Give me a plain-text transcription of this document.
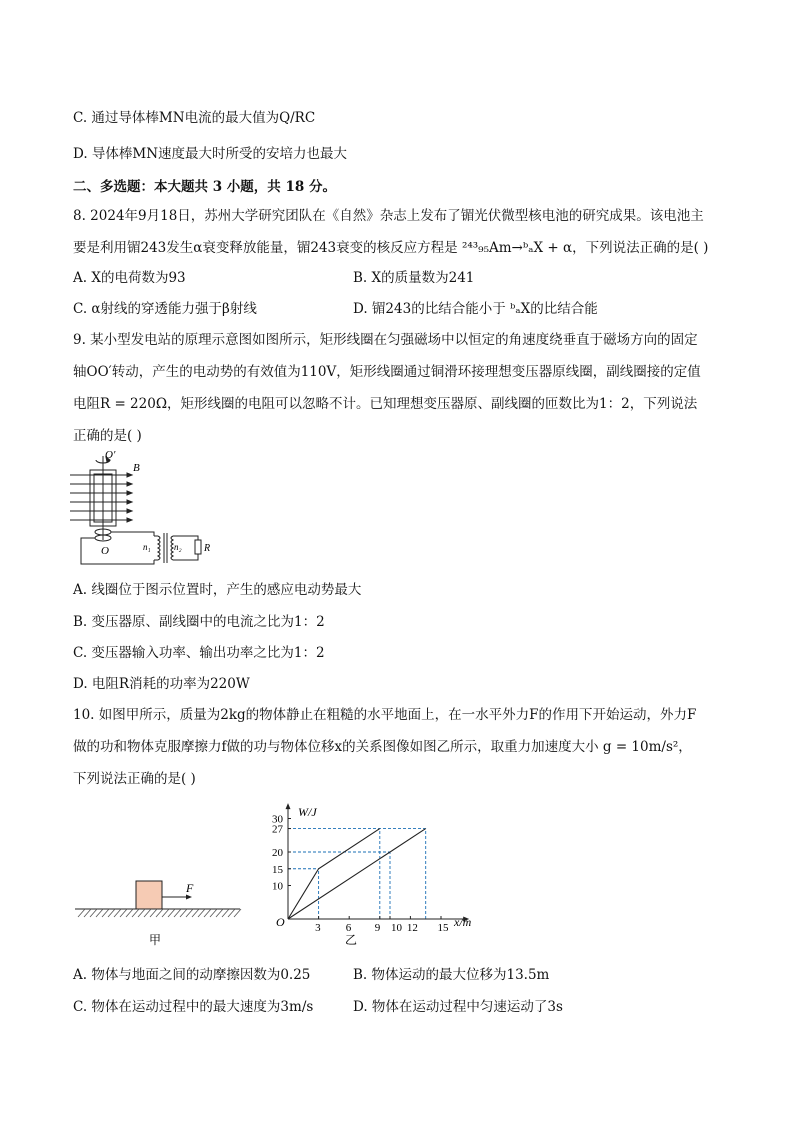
C. 通过导体棒MN电流的最大值为Q/RC
D. 导体棒MN速度最大时所受的安培力也最大
二、多选题：本大题共 3 小题，共 18 分。
8. 2024年9月18日，苏州大学研究团队在《自然》杂志上发布了镅光伏微型核电池的研究成果。该电池主
要是利用镅243发生α衰变释放能量，镅243衰变的核反应方程是 ²⁴³₉₅Am→ᵇₐX + α，下列说法正确的是( )
A. X的电荷数为93	B. X的质量数为241
C. α射线的穿透能力强于β射线	D. 镅243的比结合能小于 ᵇₐX的比结合能
9. 某小型发电站的原理示意图如图所示，矩形线圈在匀强磁场中以恒定的角速度绕垂直于磁场方向的固定
轴OO′转动，产生的电动势的有效值为110V，矩形线圈通过铜滑环接理想变压器原线圈，副线圈接的定值
电阻R = 220Ω，矩形线圈的电阻可以忽略不计。已知理想变压器原、副线圈的匝数比为1：2，下列说法
正确的是( )
O′
B
O	n₁	n₂ R
A. 线圈位于图示位置时，产生的感应电动势最大
B. 变压器原、副线圈中的电流之比为1：2
C. 变压器输入功率、输出功率之比为1：2
D. 电阻R消耗的功率为220W
10. 如图甲所示，质量为2kg的物体静止在粗糙的水平地面上，在一水平外力F的作用下开始运动，外力F
做的功和物体克服摩擦力f做的功与物体位移x的关系图像如图乙所示，取重力加速度大小 g = 10m/s²，
下列说法正确的是( )
F
甲
3 6 9 10 12 15
10
15
20
27
30
W/J
x/m
O
乙
A. 物体与地面之间的动摩擦因数为0.25	B. 物体运动的最大位移为13.5m
C. 物体在运动过程中的最大速度为3m/s	D. 物体在运动过程中匀速运动了3s
